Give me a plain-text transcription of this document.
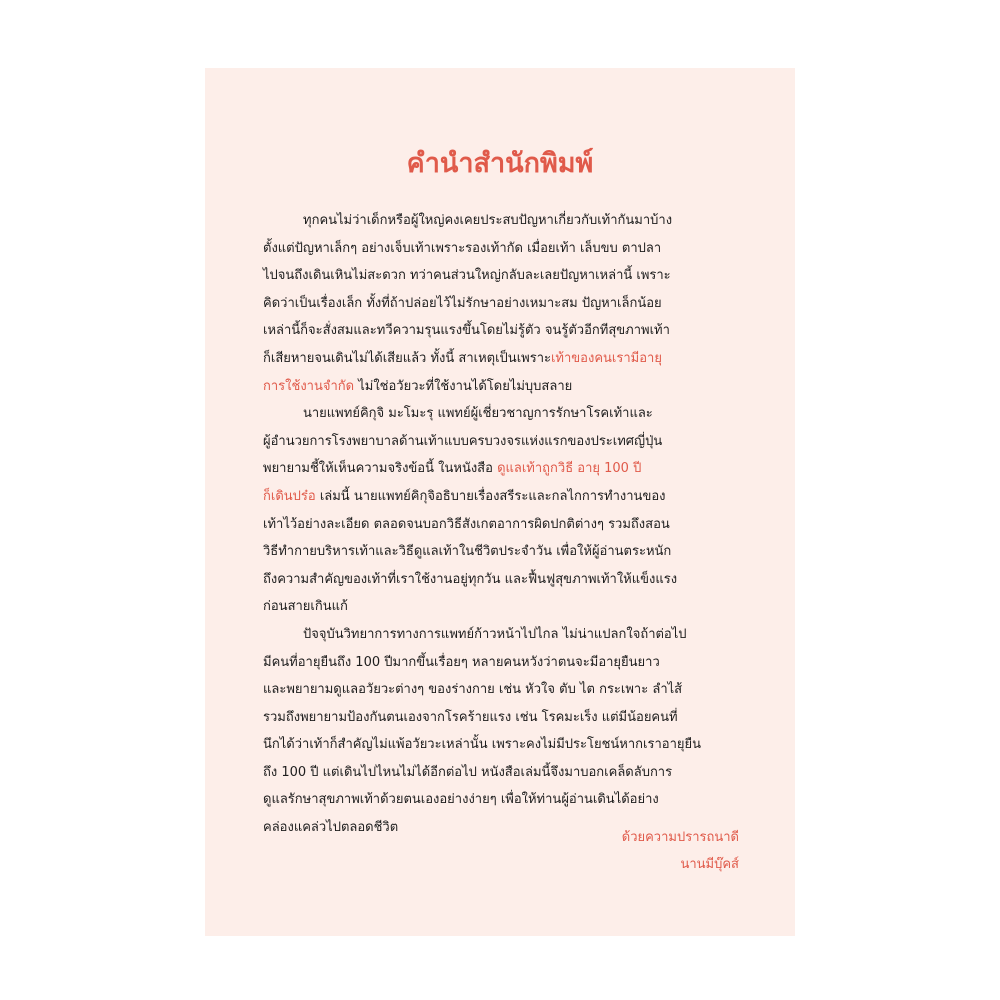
คำนำสำนักพิมพ์
ทุกคนไม่ว่าเด็กหรือผู้ใหญ่คงเคยประสบปัญหาเกี่ยวกับเท้ากันมาบ้าง
ตั้งแต่ปัญหาเล็กๆ อย่างเจ็บเท้าเพราะรองเท้ากัด เมื่อยเท้า เล็บขบ ตาปลา
ไปจนถึงเดินเหินไม่สะดวก ทว่าคนส่วนใหญ่กลับละเลยปัญหาเหล่านี้ เพราะ
คิดว่าเป็นเรื่องเล็ก ทั้งที่ถ้าปล่อยไว้ไม่รักษาอย่างเหมาะสม ปัญหาเล็กน้อย
เหล่านี้ก็จะสั่งสมและทวีความรุนแรงขึ้นโดยไม่รู้ตัว จนรู้ตัวอีกทีสุขภาพเท้า
ก็เสียหายจนเดินไม่ได้เสียแล้ว ทั้งนี้ สาเหตุเป็นเพราะเท้าของคนเรามีอายุ
การใช้งานจำกัด ไม่ใช่อวัยวะที่ใช้งานได้โดยไม่บุบสลาย
นายแพทย์คิกุจิ มะโมะรุ แพทย์ผู้เชี่ยวชาญการรักษาโรคเท้าและ
ผู้อำนวยการโรงพยาบาลด้านเท้าแบบครบวงจรแห่งแรกของประเทศญี่ปุ่น
พยายามชี้ให้เห็นความจริงข้อนี้ ในหนังสือ ดูแลเท้าถูกวิธี อายุ 100 ปี
ก็เดินปร๋อ เล่มนี้ นายแพทย์คิกุจิอธิบายเรื่องสรีระและกลไกการทำงานของ
เท้าไว้อย่างละเอียด ตลอดจนบอกวิธีสังเกตอาการผิดปกติต่างๆ รวมถึงสอน
วิธีทำกายบริหารเท้าและวิธีดูแลเท้าในชีวิตประจำวัน เพื่อให้ผู้อ่านตระหนัก
ถึงความสำคัญของเท้าที่เราใช้งานอยู่ทุกวัน และฟื้นฟูสุขภาพเท้าให้แข็งแรง
ก่อนสายเกินแก้
ปัจจุบันวิทยาการทางการแพทย์ก้าวหน้าไปไกล ไม่น่าแปลกใจถ้าต่อไป
มีคนที่อายุยืนถึง 100 ปีมากขึ้นเรื่อยๆ หลายคนหวังว่าตนจะมีอายุยืนยาว
และพยายามดูแลอวัยวะต่างๆ ของร่างกาย เช่น หัวใจ ตับ ไต กระเพาะ ลำไส้
รวมถึงพยายามป้องกันตนเองจากโรคร้ายแรง เช่น โรคมะเร็ง แต่มีน้อยคนที่
นึกได้ว่าเท้าก็สำคัญไม่แพ้อวัยวะเหล่านั้น เพราะคงไม่มีประโยชน์หากเราอายุยืน
ถึง 100 ปี แต่เดินไปไหนไม่ได้อีกต่อไป หนังสือเล่มนี้จึงมาบอกเคล็ดลับการ
ดูแลรักษาสุขภาพเท้าด้วยตนเองอย่างง่ายๆ เพื่อให้ท่านผู้อ่านเดินได้อย่าง
คล่องแคล่วไปตลอดชีวิต
ด้วยความปรารถนาดี
นานมีบุ๊คส์
